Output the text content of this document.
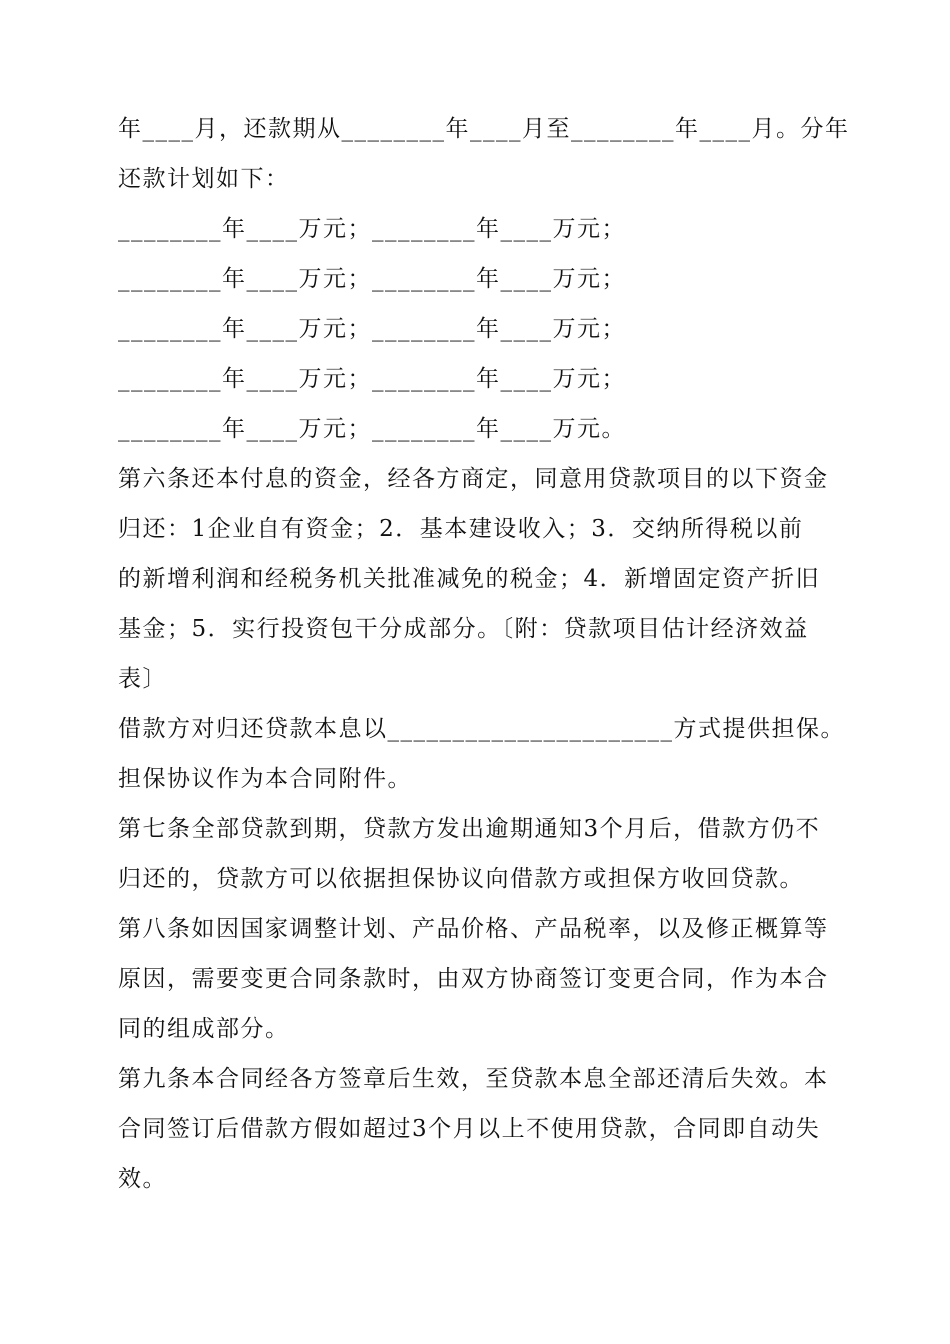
年____月，还款期从________年____月至________年____月。分年
还款计划如下：
________年____万元；________年____万元；
________年____万元；________年____万元；
________年____万元；________年____万元；
________年____万元；________年____万元；
________年____万元；________年____万元。
第六条还本付息的资金，经各方商定，同意用贷款项目的以下资金
归还：1企业自有资金；2．基本建设收入；3．交纳所得税以前
的新增利润和经税务机关批准减免的税金；4．新增固定资产折旧
基金；5．实行投资包干分成部分。〔附：贷款项目估计经济效益
表〕
借款方对归还贷款本息以______________________方式提供担保。
担保协议作为本合同附件。
第七条全部贷款到期，贷款方发出逾期通知3个月后，借款方仍不
归还的，贷款方可以依据担保协议向借款方或担保方收回贷款。
第八条如因国家调整计划、产品价格、产品税率，以及修正概算等
原因，需要变更合同条款时，由双方协商签订变更合同，作为本合
同的组成部分。
第九条本合同经各方签章后生效，至贷款本息全部还清后失效。本
合同签订后借款方假如超过3个月以上不使用贷款，合同即自动失
效。
